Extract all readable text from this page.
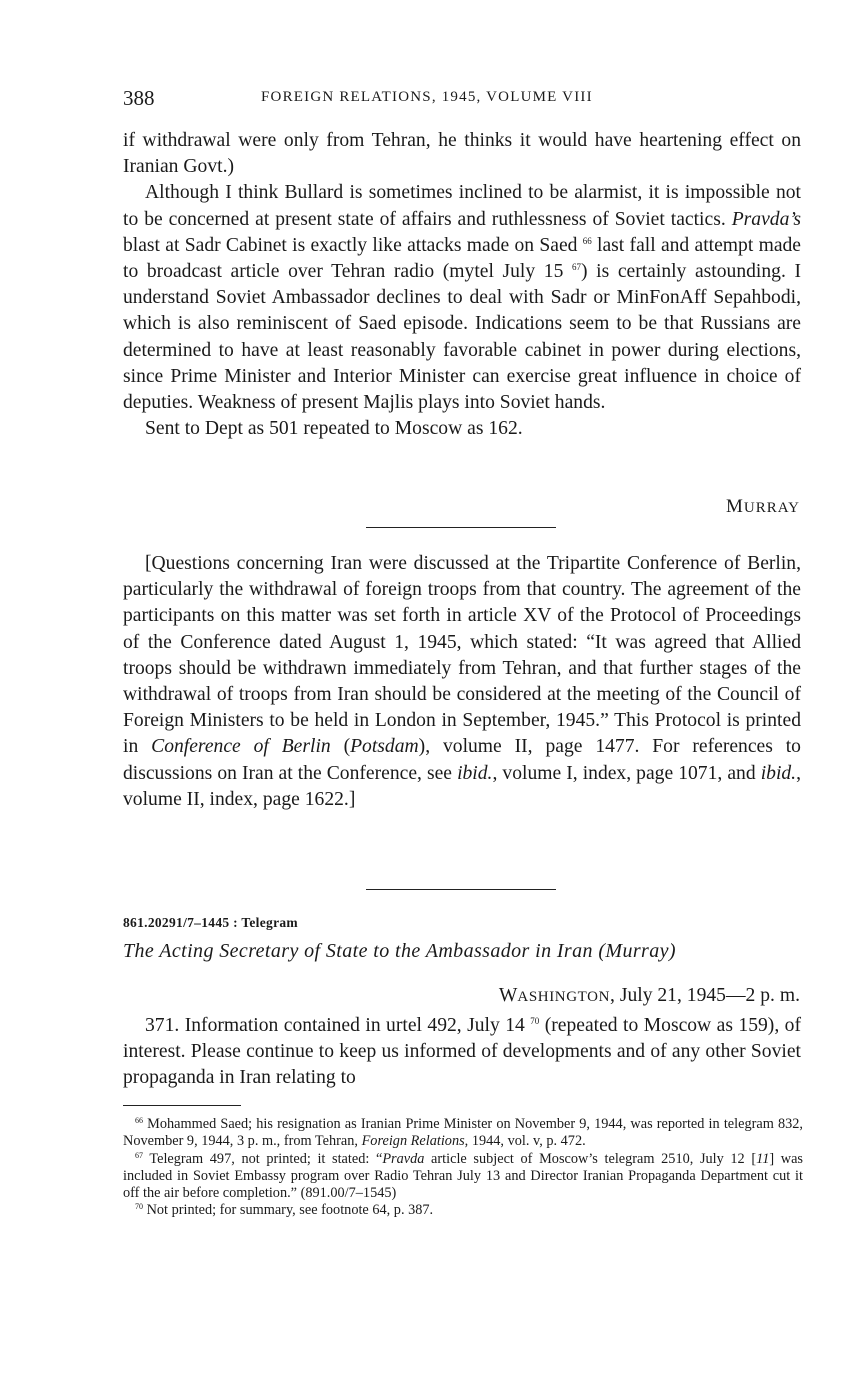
388	FOREIGN RELATIONS, 1945, VOLUME VIII

if withdrawal were only from Tehran, he thinks it would have heartening effect on Iranian Govt.)

Although I think Bullard is sometimes inclined to be alarmist, it is impossible not to be concerned at present state of affairs and ruthlessness of Soviet tactics. Pravda’s blast at Sadr Cabinet is exactly like attacks made on Saed $^{66}$ last fall and attempt made to broadcast article over Tehran radio (mytel July 15 $^{67}$) is certainly astounding. I understand Soviet Ambassador declines to deal with Sadr or MinFonAff Sepahbodi, which is also reminiscent of Saed episode. Indications seem to be that Russians are determined to have at least reasonably favorable cabinet in power during elections, since Prime Minister and Interior Minister can exercise great influence in choice of deputies. Weakness of present Majlis plays into Soviet hands.

Sent to Dept as 501 repeated to Moscow as 162.

MURRAY

[Questions concerning Iran were discussed at the Tripartite Conference of Berlin, particularly the withdrawal of foreign troops from that country. The agreement of the participants on this matter was set forth in article XV of the Protocol of Proceedings of the Conference dated August 1, 1945, which stated: “It was agreed that Allied troops should be withdrawn immediately from Tehran, and that further stages of the withdrawal of troops from Iran should be considered at the meeting of the Council of Foreign Ministers to be held in London in September, 1945.” This Protocol is printed in Conference of Berlin (Potsdam), volume II, page 1477. For references to discussions on Iran at the Conference, see ibid., volume I, index, page 1071, and ibid., volume II, index, page 1622.]

861.20291/7–1445 : Telegram
The Acting Secretary of State to the Ambassador in Iran (Murray)
WASHINGTON, July 21, 1945—2 p. m.

371. Information contained in urtel 492, July 14 $^{70}$ (repeated to Moscow as 159), of interest. Please continue to keep us informed of developments and of any other Soviet propaganda in Iran relating to

$^{66}$ Mohammed Saed; his resignation as Iranian Prime Minister on November 9, 1944, was reported in telegram 832, November 9, 1944, 3 p. m., from Tehran, Foreign Relations, 1944, vol. v, p. 472.

$^{67}$ Telegram 497, not printed; it stated: “Pravda article subject of Moscow’s telegram 2510, July 12 [11] was included in Soviet Embassy program over Radio Tehran July 13 and Director Iranian Propaganda Department cut it off the air before completion.” (891.00/7–1545)

$^{70}$ Not printed; for summary, see footnote 64, p. 387.
